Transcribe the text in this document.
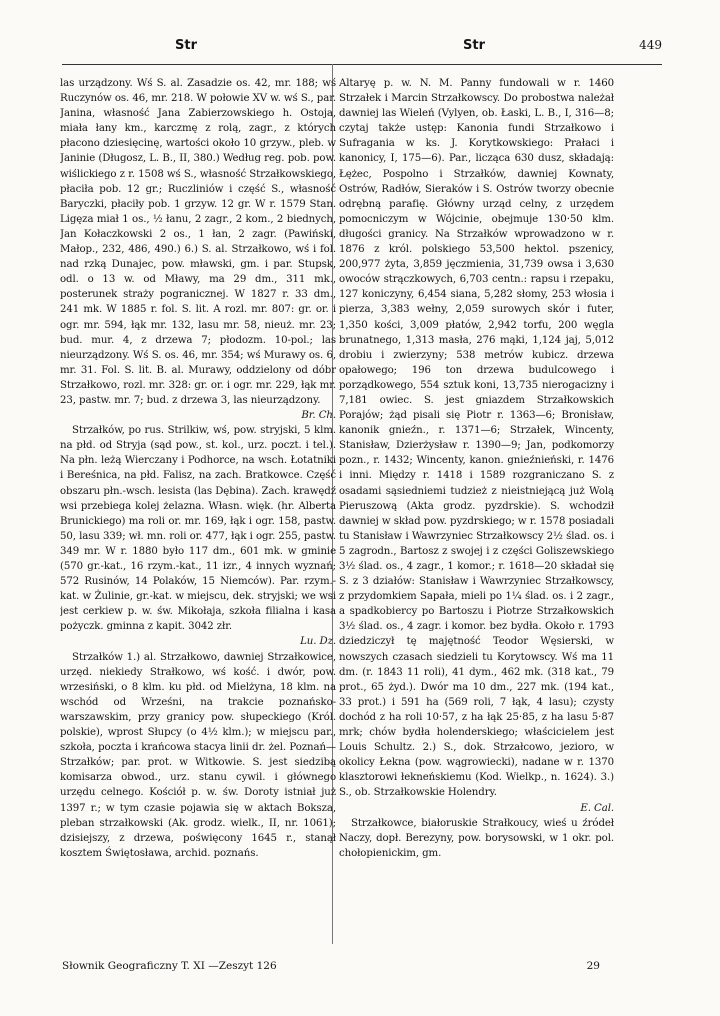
Str	Str	449

las urządzony. Wś S. al. Zasadzie os. 42, mr. 188; wś Ruczynów os. 46, mr. 218. W połowie XV w. wś S., par. Janina, własność Jana Zabierzowskiego h. Ostoja, miała łany km., karczmę z rolą, zagr., z których płacono dziesięcinę, wartości około 10 grzyw., pleb. w Janinie (Długosz, L. B., II, 380.) Według reg. pob. pow. wiślickiego z r. 1508 wś S., własność Strzałkowskiego, płaciła pob. 12 gr.; Ruczliniów i część S., własność Baryczki, płaciły pob. 1 grzyw. 12 gr. W r. 1579 Stan. Ligęza miał 1 os., ½ łanu, 2 zagr., 2 kom., 2 biednych, Jan Kołaczkowski 2 os., 1 łan, 2 zagr. (Pawiński, Małop., 232, 486, 490.) 6.) S. al. Strzałkowo, wś i fol. nad rzką Dunajec, pow. mławski, gm. i par. Stupsk, odl. o 13 w. od Mławy, ma 29 dm., 311 mk., posterunek straży pogranicznej. W 1827 r. 33 dm., 241 mk. W 1885 r. fol. S. lit. A rozl. mr. 807: gr. or. i ogr. mr. 594, łąk mr. 132, lasu mr. 58, nieuż. mr. 23; bud. mur. 4, z drzewa 7; płodozm. 10-pol.; las nieurządzony. Wś S. os. 46, mr. 354; wś Murawy os. 6, mr. 31. Fol. S. lit. B. al. Murawy, oddzielony od dóbr Strzałkowo, rozl. mr. 328: gr. or. i ogr. mr. 229, łąk mr. 23, pastw. mr. 7; bud. z drzewa 3, las nieurządzony.

Br. Ch.

Strzałków, po rus. Strilkiw, wś, pow. stryjski, 5 klm. na płd. od Stryja (sąd pow., st. kol., urz. poczt. i tel.). Na płn. leżą Wierczany i Podhorce, na wsch. Łotatniki i Bereśnica, na płd. Falisz, na zach. Bratkowce. Część obszaru płn.-wsch. lesista (las Dębina). Zach. krawędź wsi przebiega kolej żelazna. Własn. więk. (hr. Alberta Brunickiego) ma roli or. mr. 169, łąk i ogr. 158, pastw. 50, lasu 339; wł. mn. roli or. 477, łąk i ogr. 255, pastw. 349 mr. W r. 1880 było 117 dm., 601 mk. w gminie (570 gr.-kat., 16 rzym.-kat., 11 izr., 4 innych wyznań; 572 Rusinów, 14 Polaków, 15 Niemców). Par. rzym.-kat. w Żulinie, gr.-kat. w miejscu, dek. stryjski; we wsi jest cerkiew p. w. św. Mikołaja, szkoła filialna i kasa pożyczk. gminna z kapit. 3042 złr.

Lu. Dz.

Strzałków 1.) al. Strzałkowo, dawniej Strzałkowice, urzęd. niekiedy Strałkowo, wś kość. i dwór, pow. wrzesiński, o 8 klm. ku płd. od Mielżyna, 18 klm. na wschód od Wrześni, na trakcie poznańsko-warszawskim, przy granicy pow. słupeckiego (Król. polskie), wprost Słupcy (o 4½ klm.); w miejscu par., szkoła, poczta i krańcowa stacya linii dr. żel. Poznań—Strzałków; par. prot. w Witkowie. S. jest siedzibą komisarza obwod., urz. stanu cywil. i głównego urzędu celnego. Kościół p. w. św. Doroty istniał już 1397 r.; w tym czasie pojawia się w aktach Boksza, pleban strzałkowski (Ak. grodz. wielk., II, nr. 1061); dzisiejszy, z drzewa, poświęcony 1645 r., stanął kosztem Świętosława, archid. poznańs.

Altaryę p. w. N. M. Panny fundowali w r. 1460 Strzałek i Marcin Strzałkowscy. Do probostwa należał dawniej las Wieleń (Vylyen, ob. Łaski, L. B., I, 316—8; czytaj także ustęp: Kanonia fundi Strzałkowo i Sufragania w ks. J. Korytkowskiego: Prałaci i kanonicy, I, 175—6). Par., licząca 630 dusz, składają: Łężec, Pospolno i Strzałków, dawniej Kownaty, Ostrów, Radłów, Sieraków i S. Ostrów tworzy obecnie odrębną parafię. Główny urząd celny, z urzędem pomocniczym w Wójcinie, obejmuje 130·50 klm. długości granicy. Na Strzałków wprowadzono w r. 1876 z król. polskiego 53,500 hektol. pszenicy, 200,977 żyta, 3,859 jęczmienia, 31,739 owsa i 3,630 owoców strączkowych, 6,703 centn.: rapsu i rzepaku, 127 koniczyny, 6,454 siana, 5,282 słomy, 253 włosia i pierza, 3,383 wełny, 2,059 surowych skór i futer, 1,350 kości, 3,009 płatów, 2,942 torfu, 200 węgla brunatnego, 1,313 masła, 276 mąki, 1,124 jaj, 5,012 drobiu i zwierzyny; 538 metrów kubicz. drzewa opałowego; 196 ton drzewa budulcowego i porządkowego, 554 sztuk koni, 13,735 nierogacizny i 7,181 owiec. S. jest gniazdem Strzałkowskich Porajów; żąd pisali się Piotr r. 1363—6; Bronisław, kanonik gnieźn., r. 1371—6; Strzałek, Wincenty, Stanisław, Dzierżysław r. 1390—9; Jan, podkomorzy pozn., r. 1432; Wincenty, kanon. gnieźnieński, r. 1476 i inni. Między r. 1418 i 1589 rozgraniczano S. z osadami sąsiedniemi tudzież z nieistniejącą już Wolą Pieruszową (Akta grodz. pyzdrskie). S. wchodził dawniej w skład pow. pyzdrskiego; w r. 1578 posiadali tu Stanisław i Wawrzyniec Strzałkowscy 2½ ślad. os. i 5 zagrodn., Bartosz z swojej i z części Goliszewskiego 3½ ślad. os., 4 zagr., 1 komor.; r. 1618—20 składał się S. z 3 działów: Stanisław i Wawrzyniec Strzałkowscy, z przydomkiem Sapała, mieli po 1¼ ślad. os. i 2 zagr., a spadkobiercy po Bartoszu i Piotrze Strzałkowskich 3½ ślad. os., 4 zagr. i komor. bez bydła. Około r. 1793 dziedziczył tę majętność Teodor Węsierski, w nowszych czasach siedzieli tu Korytowscy. Wś ma 11 dm. (r. 1843 11 roli), 41 dym., 462 mk. (318 kat., 79 prot., 65 żyd.). Dwór ma 10 dm., 227 mk. (194 kat., 33 prot.) i 591 ha (569 roli, 7 łąk, 4 lasu); czysty dochód z ha roli 10·57, z ha łąk 25·85, z ha lasu 5·87 mrk; chów bydła holenderskiego; właścicielem jest Louis Schultz. 2.) S., dok. Strzałcowo, jezioro, w okolicy Łekna (pow. wągrowiecki), nadane w r. 1370 klasztorowi łekneńskiemu (Kod. Wielkp., n. 1624). 3.) S., ob. Strzałkowskie Holendry.

E. Cal.

Strzałkowce, białoruskie Strałkoucy, wieś u źródeł Naczy, dopł. Berezyny, pow. borysowski, w 1 okr. pol. chołopienickim, gm.

Słownik Geograficzny T. XI —Zeszyt 126	29
